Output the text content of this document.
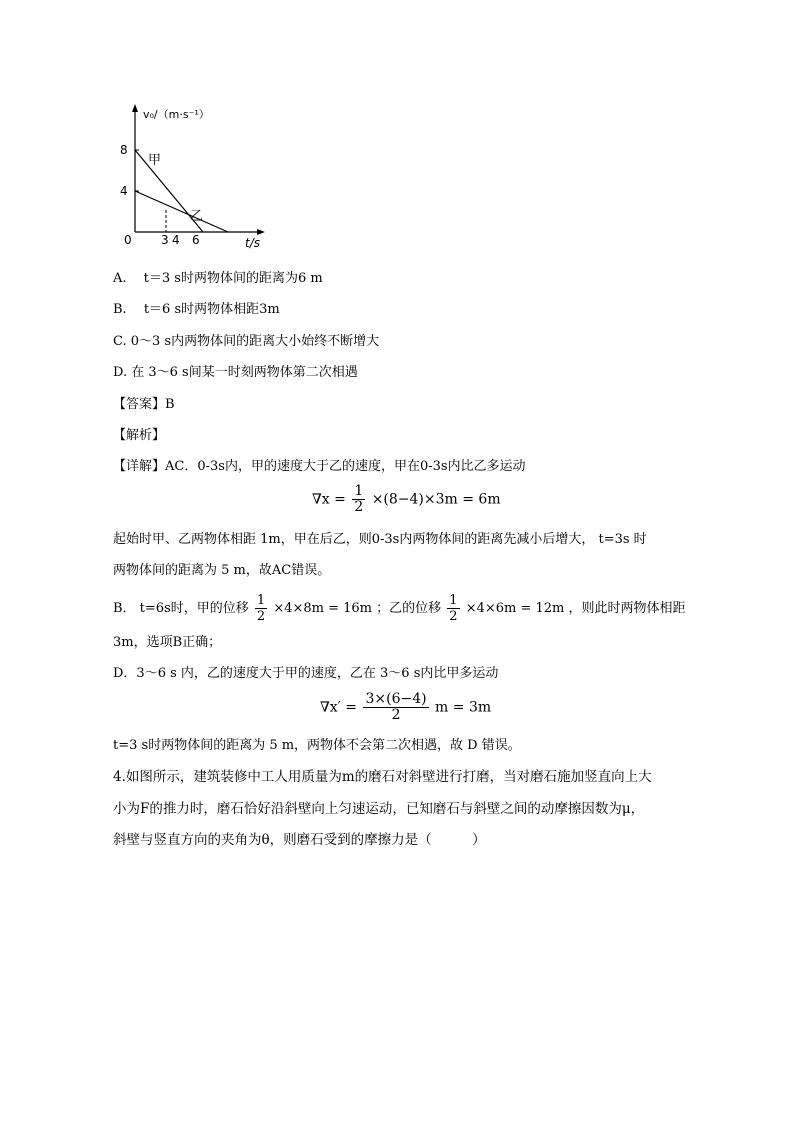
v₀/（m·s⁻¹）
8
4
0 3 4 6	t/s
甲
乙
A. 　t＝3 s时两物体间的距离为6 m
B. 　t＝6 s时两物体相距3m
C. 0～3 s内两物体间的距离大小始终不断增大
D. 在 3～6 s间某一时刻两物体第二次相遇
【答案】B
【解析】
【详解】AC．0-3s内，甲的速度大于乙的速度，甲在0-3s内比乙多运动
$\nabla x = \frac{1}{2} \times(8-4)\times 3m = 6m$
起始时甲、乙两物体相距 1m，甲在后乙，则0-3s内两物体间的距离先减小后增大， t=3s 时
两物体间的距离为 5 m，故AC错误。
B． t=6s时，甲的位移 $\frac{1}{2} \times 4\times 8m = 16m$ ；乙的位移 $\frac{1}{2} \times 4\times 6m = 12m$ ，则此时两物体相距
3m，选项B正确；
D．3～6 s 内，乙的速度大于甲的速度，乙在 3～6 s内比甲多运动
$\nabla x' = \frac{3\times(6-4)}{2}$ m = 3m
t=3 s时两物体间的距离为 5 m，两物体不会第二次相遇，故 D 错误。
4.如图所示，建筑装修中工人用质量为m的磨石对斜壁进行打磨，当对磨石施加竖直向上大
小为F的推力时，磨石恰好沿斜壁向上匀速运动，已知磨石与斜壁之间的动摩擦因数为μ，
斜壁与竖直方向的夹角为θ，则磨石受到的摩擦力是（　　　）
